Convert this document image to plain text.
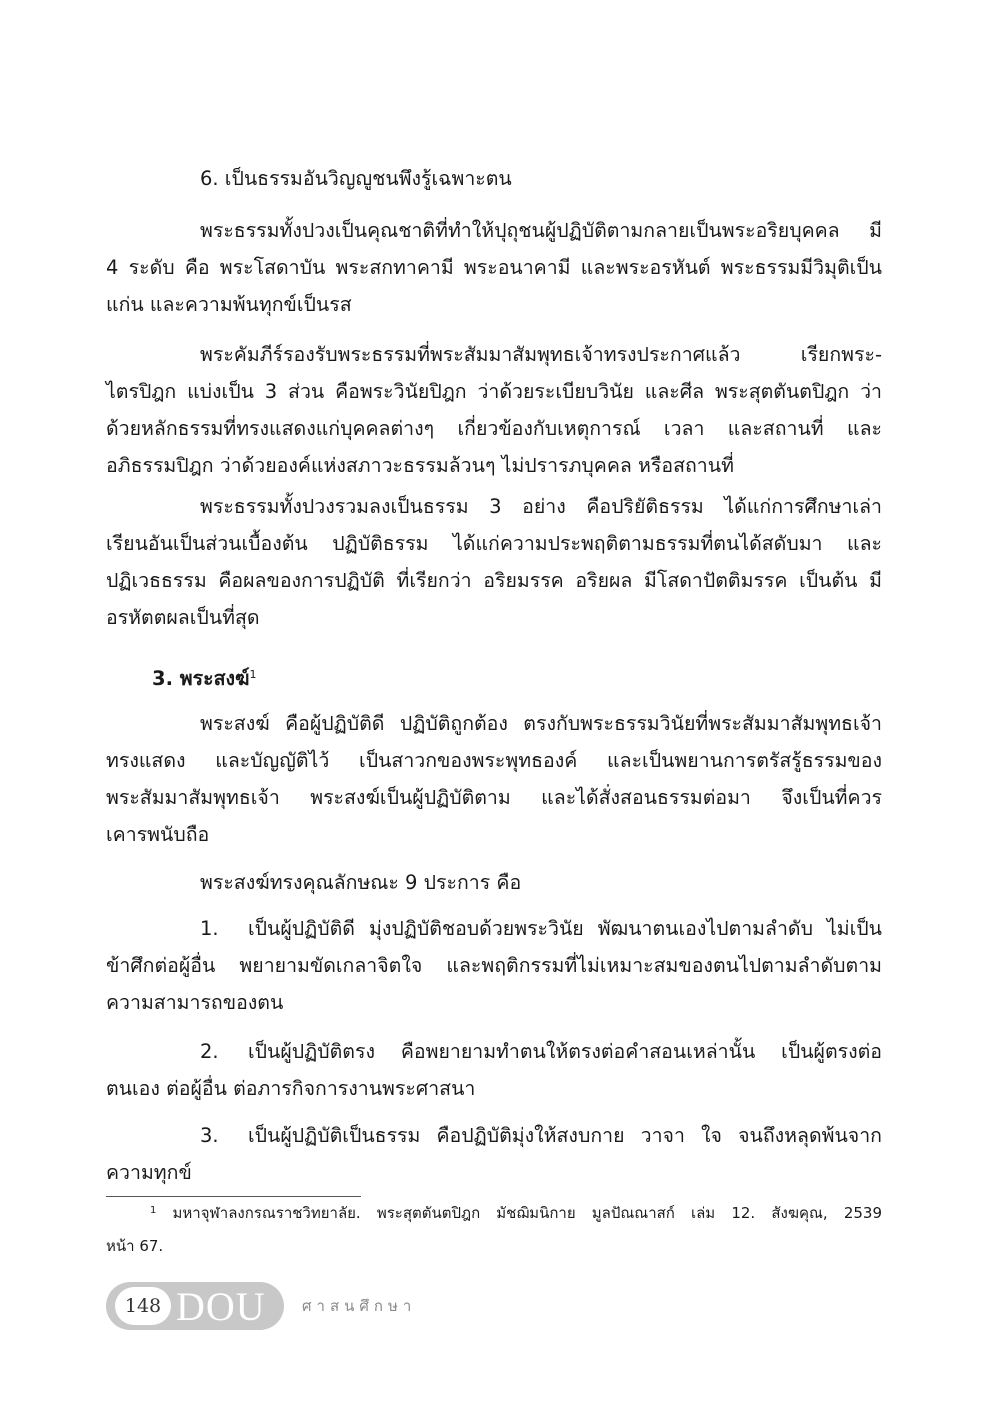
6. เป็นธรรมอันวิญญูชนพึงรู้เฉพาะตน

พระธรรมทั้งปวงเป็นคุณชาติที่ทำให้ปุถุชนผู้ปฏิบัติตามกลายเป็นพระอริยบุคคล มี

4 ระดับ คือ พระโสดาบัน พระสกทาคามี พระอนาคามี และพระอรหันต์ พระธรรมมีวิมุติเป็น

แก่น และความพ้นทุกข์เป็นรส

พระคัมภีร์รองรับพระธรรมที่พระสัมมาสัมพุทธเจ้าทรงประกาศแล้ว เรียกพระ-

ไตรปิฎก แบ่งเป็น 3 ส่วน คือพระวินัยปิฎก ว่าด้วยระเบียบวินัย และศีล พระสุตตันตปิฎก ว่า

ด้วยหลักธรรมที่ทรงแสดงแก่บุคคลต่างๆ เกี่ยวข้องกับเหตุการณ์ เวลา และสถานที่ และ

อภิธรรมปิฎก ว่าด้วยองค์แห่งสภาวะธรรมล้วนๆ ไม่ปรารภบุคคล หรือสถานที่

พระธรรมทั้งปวงรวมลงเป็นธรรม 3 อย่าง คือปริยัติธรรม ได้แก่การศึกษาเล่า

เรียนอันเป็นส่วนเบื้องต้น ปฏิบัติธรรม ได้แก่ความประพฤติตามธรรมที่ตนได้สดับมา และ

ปฏิเวธธรรม คือผลของการปฏิบัติ ที่เรียกว่า อริยมรรค อริยผล มีโสดาปัตติมรรค เป็นต้น มี

อรหัตตผลเป็นที่สุด

3. พระสงฆ์$^1$

พระสงฆ์ คือผู้ปฏิบัติดี ปฏิบัติถูกต้อง ตรงกับพระธรรมวินัยที่พระสัมมาสัมพุทธเจ้า

ทรงแสดง และบัญญัติไว้ เป็นสาวกของพระพุทธองค์ และเป็นพยานการตรัสรู้ธรรมของ

พระสัมมาสัมพุทธเจ้า พระสงฆ์เป็นผู้ปฏิบัติตาม และได้สั่งสอนธรรมต่อมา จึงเป็นที่ควร

เคารพนับถือ

พระสงฆ์ทรงคุณลักษณะ 9 ประการ คือ

1. เป็นผู้ปฏิบัติดี มุ่งปฏิบัติชอบด้วยพระวินัย พัฒนาตนเองไปตามลำดับ ไม่เป็น

ข้าศึกต่อผู้อื่น พยายามขัดเกลาจิตใจ และพฤติกรรมที่ไม่เหมาะสมของตนไปตามลำดับตาม

ความสามารถของตน

2. เป็นผู้ปฏิบัติตรง คือพยายามทำตนให้ตรงต่อคำสอนเหล่านั้น เป็นผู้ตรงต่อ

ตนเอง ต่อผู้อื่น ต่อภารกิจการงานพระศาสนา

3. เป็นผู้ปฏิบัติเป็นธรรม คือปฏิบัติมุ่งให้สงบกาย วาจา ใจ จนถึงหลุดพ้นจาก

ความทุกข์

$^1$ มหาจุฬาลงกรณราชวิทยาลัย. พระสุตตันตปิฎก มัชฌิมนิกาย มูลปัณณาสก์ เล่ม 12. สังฆคุณ, 2539

หน้า 67.

148 DOU ศาสนศึกษา
